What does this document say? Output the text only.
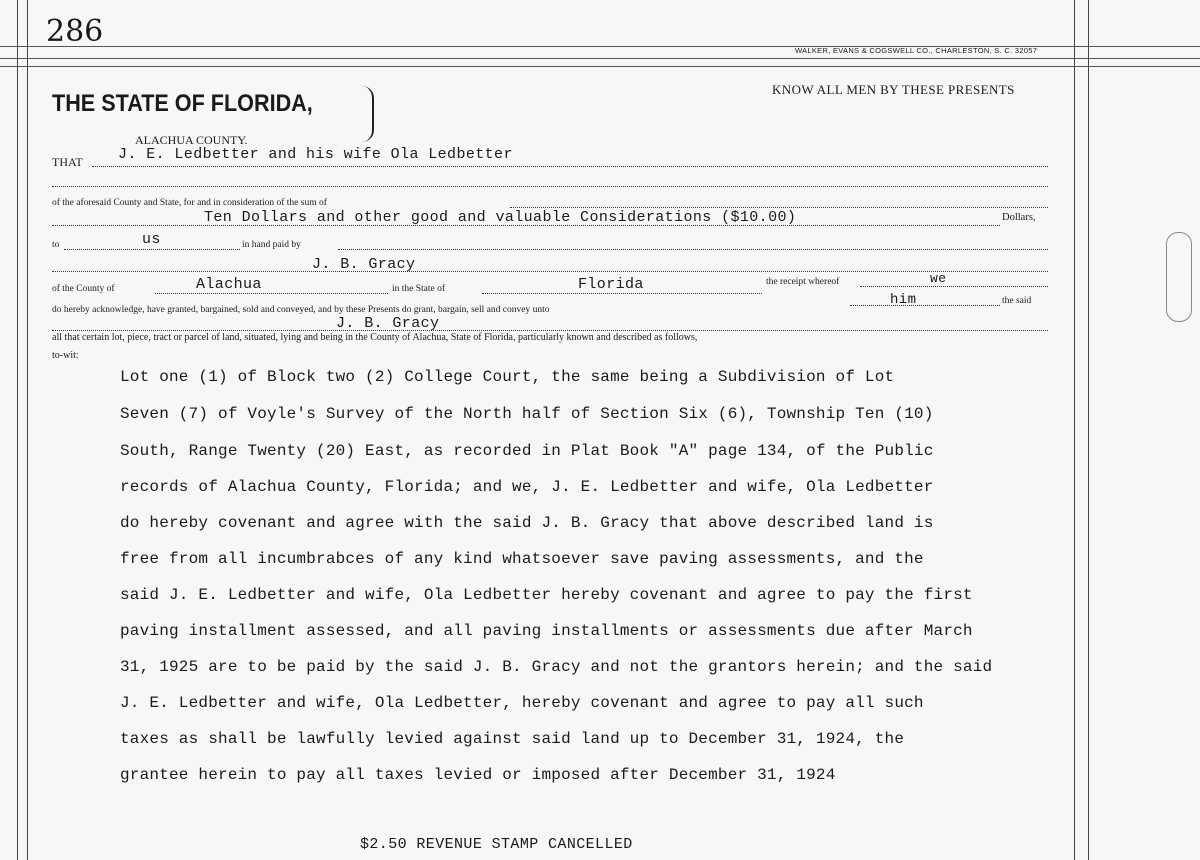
286
WALKER, EVANS & COGSWELL CO., CHARLESTON, S. C. 32057
THE STATE OF FLORIDA,
ALACHUA COUNTY.
KNOW ALL MEN BY THESE PRESENTS
THAT J. E. Ledbetter and his wife Ola Ledbetter
of the aforesaid County and State, for and in consideration of the sum of
Ten Dollars and other good and valuable Considerations ($10.00)	Dollars,
to	us	in hand paid by
J. B. Gracy
of the County of	Alachua	in the State of	Florida	the receipt whereof	we
do hereby acknowledge, have granted, bargained, sold and conveyed, and by these Presents do grant, bargain, sell and convey unto
him	the said
J. B. Gracy
all that certain lot, piece, tract or parcel of land, situated, lying and being in the County of Alachua, State of Florida, particularly known and described as follows,
to-wit:
Lot one (1) of Block two (2) College Court, the same being a Subdivision of Lot
Seven (7) of Voyle's Survey of the North half of Section Six (6), Township Ten (10)
South, Range Twenty (20) East, as recorded in Plat Book "A" page 134, of the Public
records of Alachua County, Florida; and we, J. E. Ledbetter and wife, Ola Ledbetter
do hereby covenant and agree with the said J. B. Gracy that above described land is
free from all incumbrabces of any kind whatsoever save paving assessments, and the
said J. E. Ledbetter and wife, Ola Ledbetter hereby covenant and agree to pay the first
paving installment assessed, and all paving installments or assessments due after March
31, 1925 are to be paid by the said J. B. Gracy and not the grantors herein; and the said
J. E. Ledbetter and wife, Ola Ledbetter, hereby covenant and agree to pay all such
taxes as shall be lawfully levied against said land up to December 31, 1924, the
grantee herein to pay all taxes levied or imposed after December 31, 1924
$2.50 REVENUE STAMP CANCELLED
